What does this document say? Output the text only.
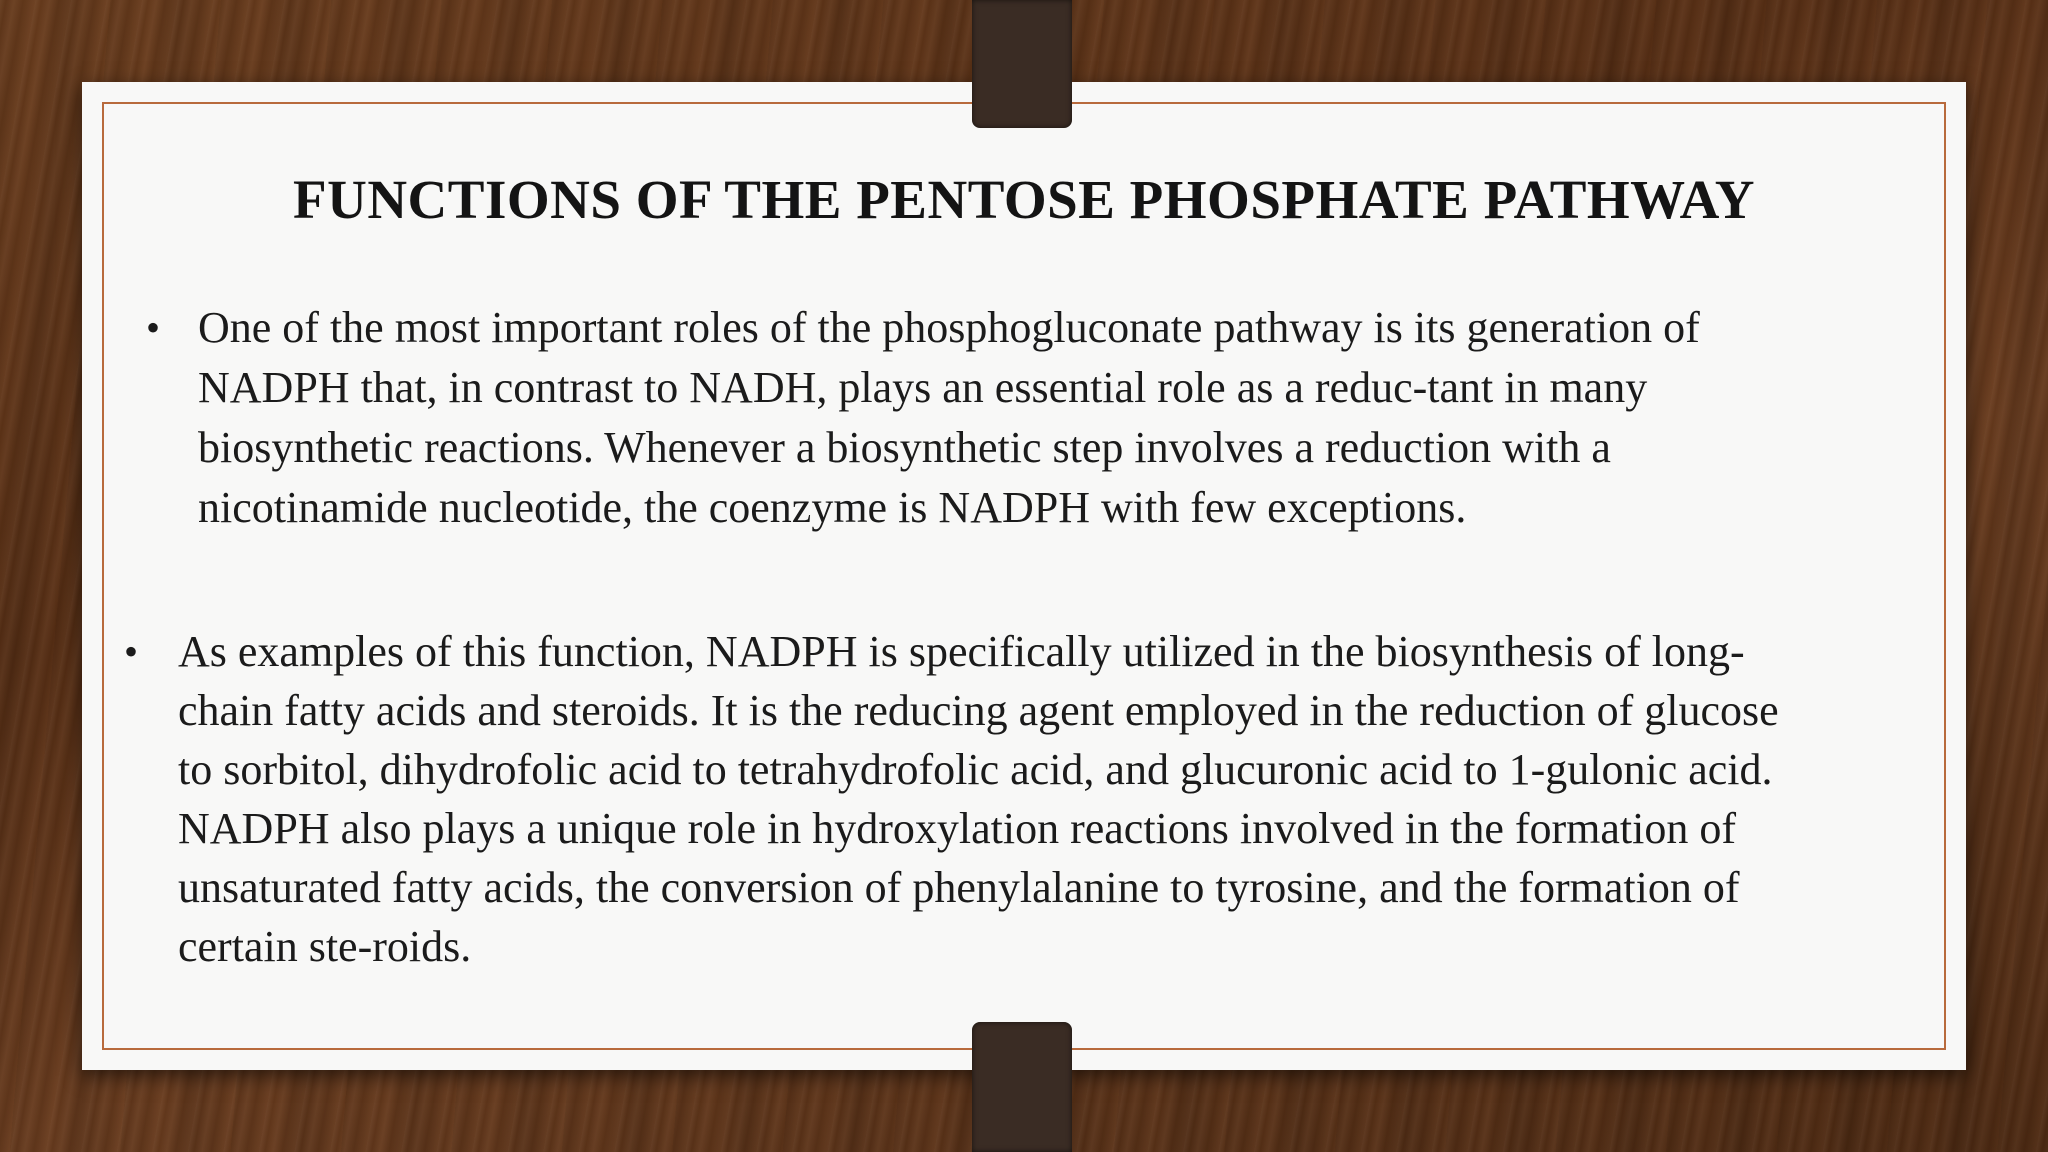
FUNCTIONS OF THE PENTOSE PHOSPHATE PATHWAY

• One of the most important roles of the phosphogluconate pathway is its generation of NADPH that, in contrast to NADH, plays an essential role as a reduc-tant in many biosynthetic reactions. Whenever a biosynthetic step involves a reduction with a nicotinamide nucleotide, the coenzyme is NADPH with few exceptions.

• As examples of this function, NADPH is specifically utilized in the biosynthesis of long-chain fatty acids and steroids. It is the reducing agent employed in the reduction of glucose to sorbitol, dihydrofolic acid to tetrahydrofolic acid, and glucuronic acid to 1-gulonic acid. NADPH also plays a unique role in hydroxylation reactions involved in the formation of unsaturated fatty acids, the conversion of phenylalanine to tyrosine, and the formation of certain ste-roids.
